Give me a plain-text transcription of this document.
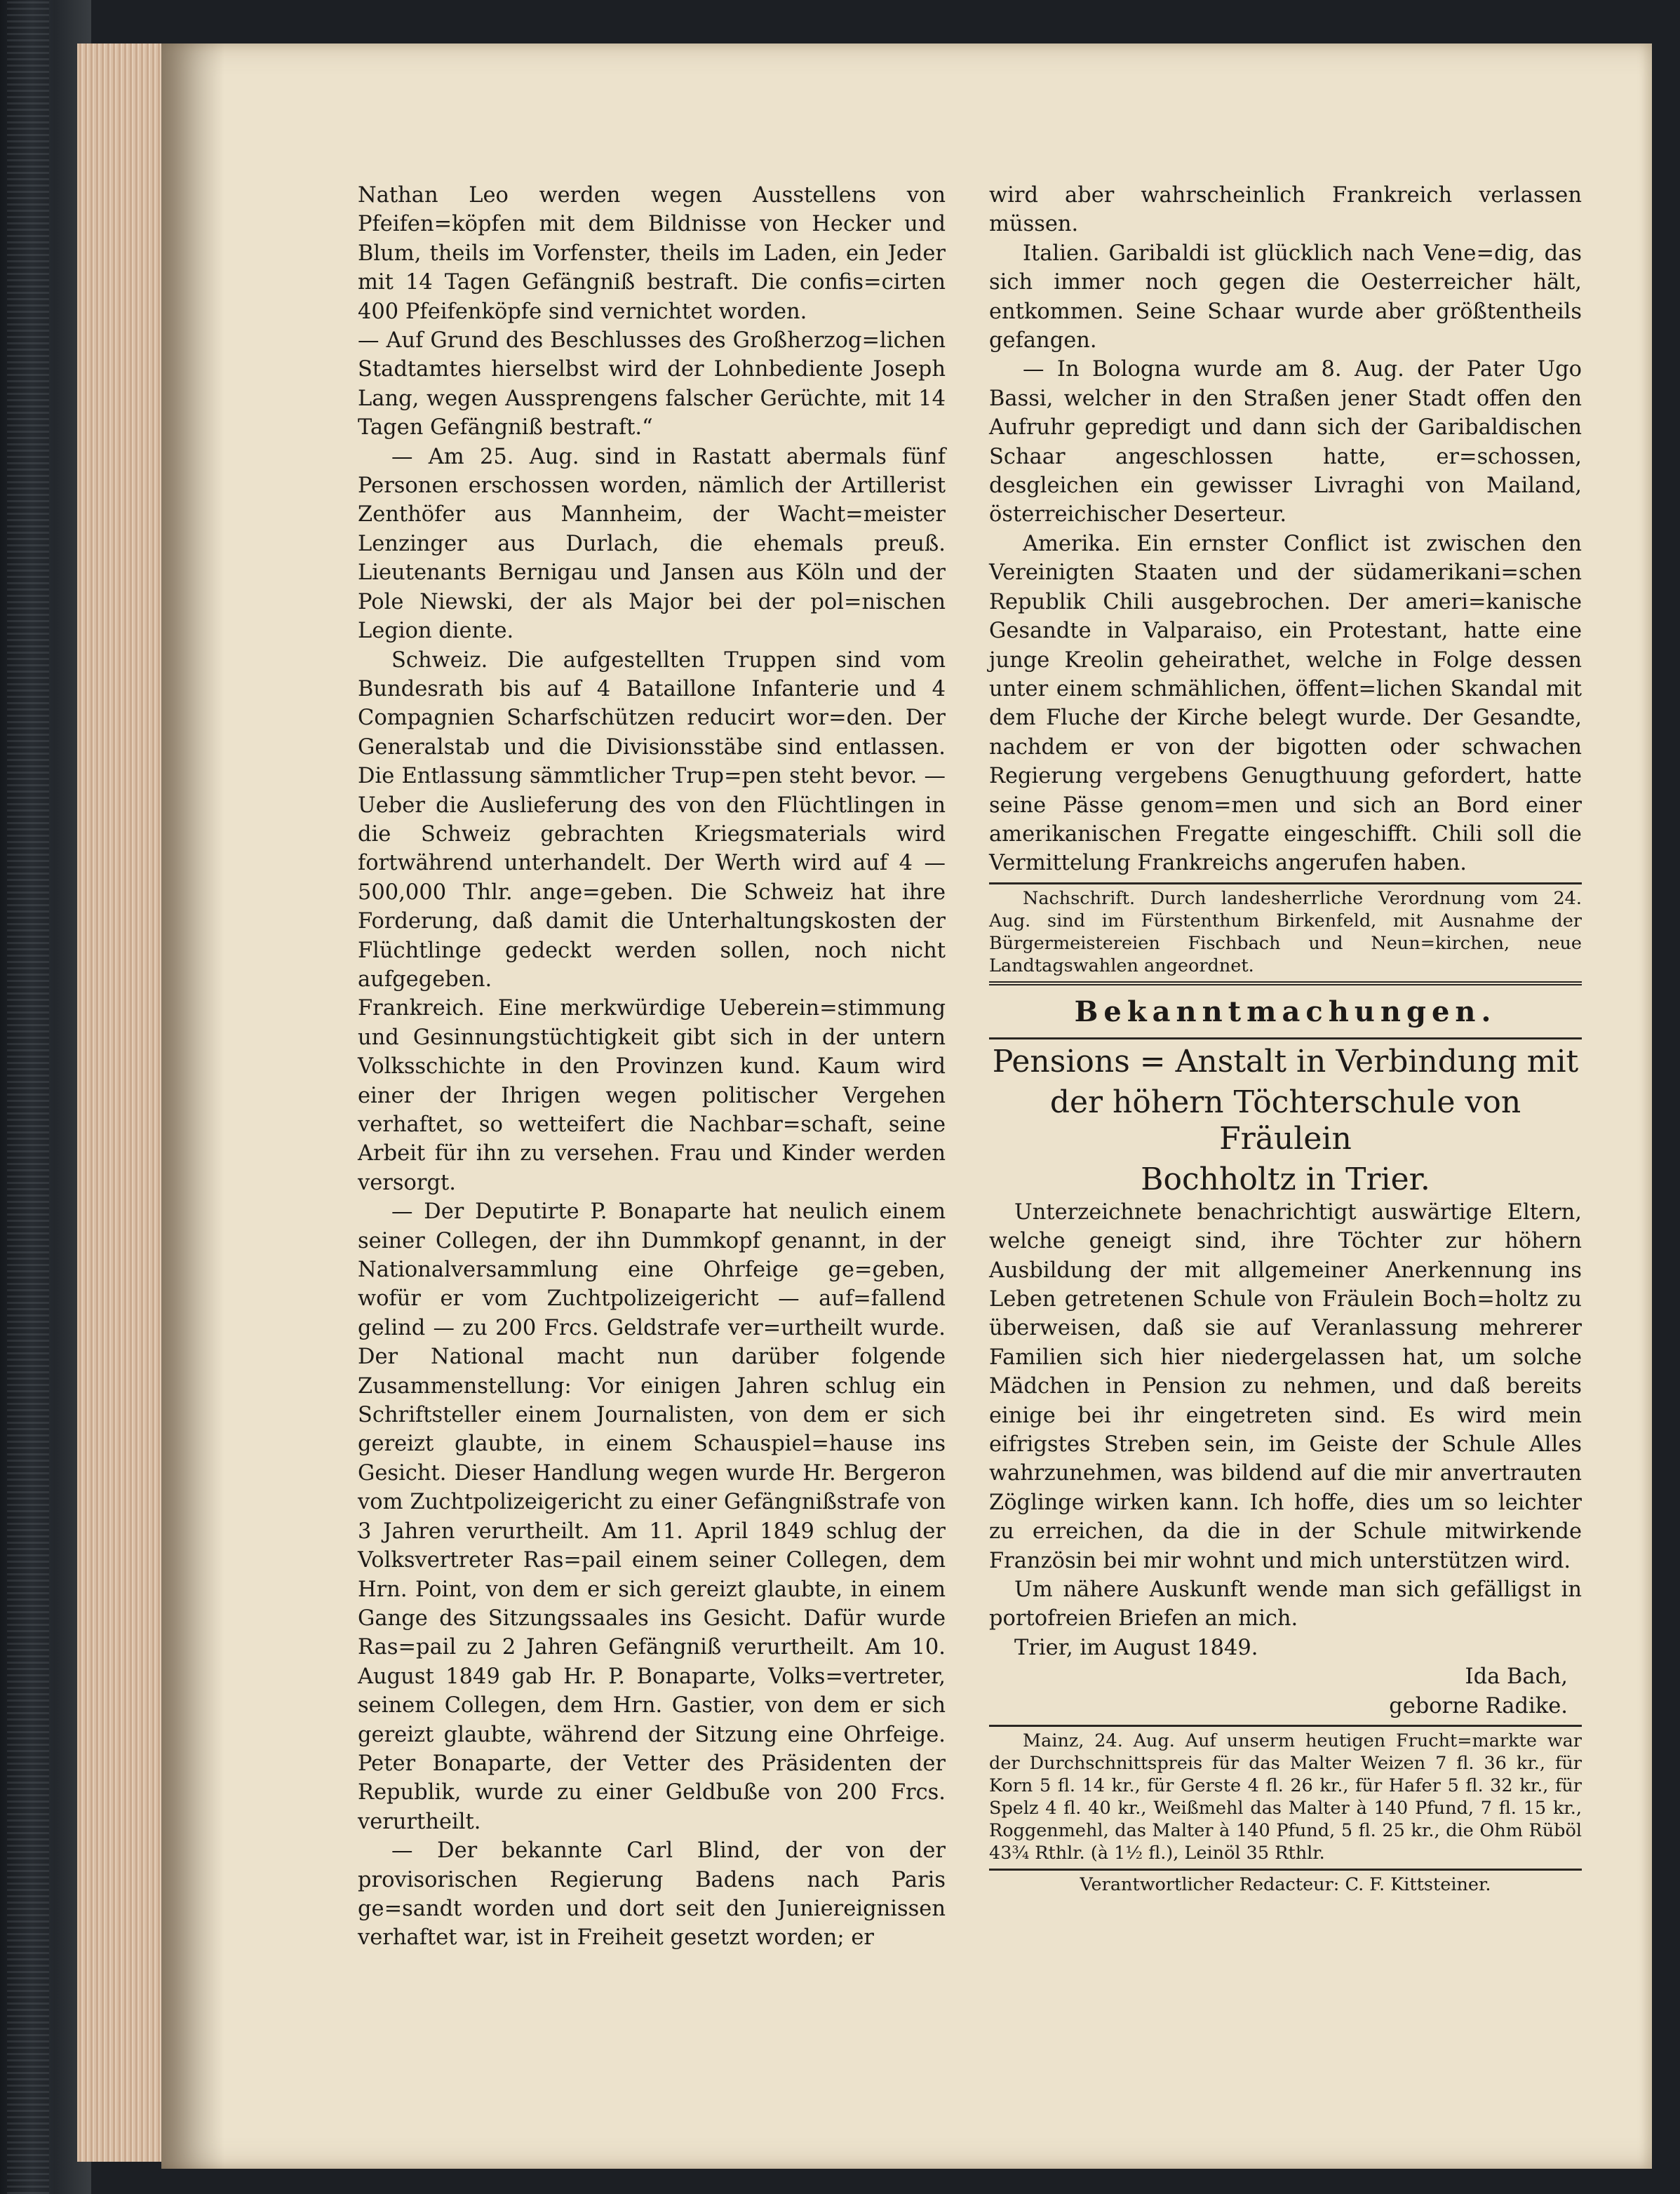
Nathan Leo werden wegen Ausstellens von Pfeifen=köpfen mit dem Bildnisse von Hecker und Blum, theils im Vorfenster, theils im Laden, ein Jeder mit 14 Tagen Gefängniß bestraft. Die confis=cirten 400 Pfeifenköpfe sind vernichtet worden.

— Auf Grund des Beschlusses des Großherzog=lichen Stadtamtes hierselbst wird der Lohnbediente Joseph Lang, wegen Aussprengens falscher Gerüchte, mit 14 Tagen Gefängniß bestraft.“

— Am 25. Aug. sind in Rastatt abermals fünf Personen erschossen worden, nämlich der Artillerist Zenthöfer aus Mannheim, der Wacht=meister Lenzinger aus Durlach, die ehemals preuß. Lieutenants Bernigau und Jansen aus Köln und der Pole Niewski, der als Major bei der pol=nischen Legion diente.

Schweiz. Die aufgestellten Truppen sind vom Bundesrath bis auf 4 Bataillone Infanterie und 4 Compagnien Scharfschützen reducirt wor=den. Der Generalstab und die Divisionsstäbe sind entlassen. Die Entlassung sämmtlicher Trup=pen steht bevor. — Ueber die Auslieferung des von den Flüchtlingen in die Schweiz gebrachten Kriegsmaterials wird fortwährend unterhandelt. Der Werth wird auf 4 — 500,000 Thlr. ange=geben. Die Schweiz hat ihre Forderung, daß damit die Unterhaltungskosten der Flüchtlinge gedeckt werden sollen, noch nicht aufgegeben.

Frankreich. Eine merkwürdige Ueberein=stimmung und Gesinnungstüchtigkeit gibt sich in der untern Volksschichte in den Provinzen kund. Kaum wird einer der Ihrigen wegen politischer Vergehen verhaftet, so wetteifert die Nachbar=schaft, seine Arbeit für ihn zu versehen. Frau und Kinder werden versorgt.

— Der Deputirte P. Bonaparte hat neulich einem seiner Collegen, der ihn Dummkopf genannt, in der Nationalversammlung eine Ohrfeige ge=geben, wofür er vom Zuchtpolizeigericht — auf=fallend gelind — zu 200 Frcs. Geldstrafe ver=urtheilt wurde. Der National macht nun darüber folgende Zusammenstellung: Vor einigen Jahren schlug ein Schriftsteller einem Journalisten, von dem er sich gereizt glaubte, in einem Schauspiel=hause ins Gesicht. Dieser Handlung wegen wurde Hr. Bergeron vom Zuchtpolizeigericht zu einer Gefängnißstrafe von 3 Jahren verurtheilt. Am 11. April 1849 schlug der Volksvertreter Ras=pail einem seiner Collegen, dem Hrn. Point, von dem er sich gereizt glaubte, in einem Gange des Sitzungssaales ins Gesicht. Dafür wurde Ras=pail zu 2 Jahren Gefängniß verurtheilt. Am 10. August 1849 gab Hr. P. Bonaparte, Volks=vertreter, seinem Collegen, dem Hrn. Gastier, von dem er sich gereizt glaubte, während der Sitzung eine Ohrfeige. Peter Bonaparte, der Vetter des Präsidenten der Republik, wurde zu einer Geldbuße von 200 Frcs. verurtheilt.

— Der bekannte Carl Blind, der von der provisorischen Regierung Badens nach Paris ge=sandt worden und dort seit den Juniereignissen verhaftet war, ist in Freiheit gesetzt worden; er

wird aber wahrscheinlich Frankreich verlassen müssen.

Italien. Garibaldi ist glücklich nach Vene=dig, das sich immer noch gegen die Oesterreicher hält, entkommen. Seine Schaar wurde aber größtentheils gefangen.

— In Bologna wurde am 8. Aug. der Pater Ugo Bassi, welcher in den Straßen jener Stadt offen den Aufruhr gepredigt und dann sich der Garibaldischen Schaar angeschlossen hatte, er=schossen, desgleichen ein gewisser Livraghi von Mailand, österreichischer Deserteur.

Amerika. Ein ernster Conflict ist zwischen den Vereinigten Staaten und der südamerikani=schen Republik Chili ausgebrochen. Der ameri=kanische Gesandte in Valparaiso, ein Protestant, hatte eine junge Kreolin geheirathet, welche in Folge dessen unter einem schmählichen, öffent=lichen Skandal mit dem Fluche der Kirche belegt wurde. Der Gesandte, nachdem er von der bigotten oder schwachen Regierung vergebens Genugthuung gefordert, hatte seine Pässe genom=men und sich an Bord einer amerikanischen Fregatte eingeschifft. Chili soll die Vermittelung Frankreichs angerufen haben.

Nachschrift. Durch landesherrliche Verordnung vom 24. Aug. sind im Fürstenthum Birkenfeld, mit Ausnahme der Bürgermeistereien Fischbach und Neun=kirchen, neue Landtagswahlen angeordnet.

Bekanntmachungen.
Pensions = Anstalt in Verbindung mit
der höhern Töchterschule von Fräulein
Bochholtz in Trier.

Unterzeichnete benachrichtigt auswärtige Eltern, welche geneigt sind, ihre Töchter zur höhern Ausbildung der mit allgemeiner Anerkennung ins Leben getretenen Schule von Fräulein Boch=holtz zu überweisen, daß sie auf Veranlassung mehrerer Familien sich hier niedergelassen hat, um solche Mädchen in Pension zu nehmen, und daß bereits einige bei ihr eingetreten sind. Es wird mein eifrigstes Streben sein, im Geiste der Schule Alles wahrzunehmen, was bildend auf die mir anvertrauten Zöglinge wirken kann. Ich hoffe, dies um so leichter zu erreichen, da die in der Schule mitwirkende Französin bei mir wohnt und mich unterstützen wird.

Um nähere Auskunft wende man sich gefälligst in portofreien Briefen an mich.

Trier, im August 1849.

Ida Bach,
geborne Radike.

Mainz, 24. Aug. Auf unserm heutigen Frucht=markte war der Durchschnittspreis für das Malter Weizen 7 fl. 36 kr., für Korn 5 fl. 14 kr., für Gerste 4 fl. 26 kr., für Hafer 5 fl. 32 kr., für Spelz 4 fl. 40 kr., Weißmehl das Malter à 140 Pfund, 7 fl. 15 kr., Roggenmehl, das Malter à 140 Pfund, 5 fl. 25 kr., die Ohm Rüböl 43¾ Rthlr. (à 1½ fl.), Leinöl 35 Rthlr.

Verantwortlicher Redacteur: C. F. Kittsteiner.
